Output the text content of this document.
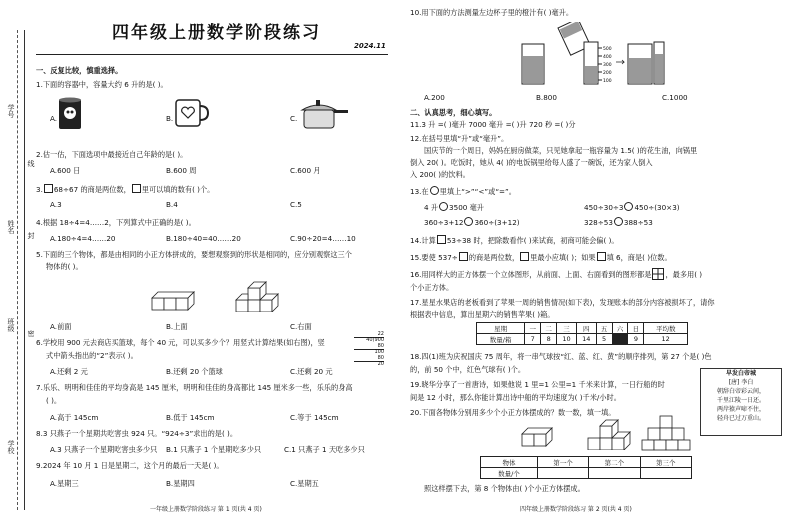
学号
线
姓名
封
班级
密
学校
四年级上册数学阶段练习
2024.11
一、反复比较，慎重选择。
1.下面的容器中，容量大约 6 升的是( )。
A.	B.	C.
2.估一估，下面选项中最接近自己年龄的是( )。
A.600 日	B.600 周	C.600 月
3. 68÷67 的商是两位数， 里可以填的数有( )个。
A.3	B.4	C.5
4.根据 18÷4=4……2，下列算式中正确的是( )。
A.180÷4=4……20	B.180÷40=40……20	C.90÷20=4……10
5.下面的三个物体，都是由相同的小正方体拼成的，要想观察到的形状是相同的，应分别观察这三个
物体的( )。
A.前面	B.上面	C.右面
6.学校用 900 元去商店买篮球，每个 40 元，可以买多少个？用竖式计算结果(如右图)，竖
式中箭头指出的“2”表示( )。
22
40)900
80
100
80
20
A.还剩 2 元	B.还剩 20 个篮球	C.还剩 20 元
7.乐乐、明明和佳佳的平均身高是 145 厘米，明明和佳佳的身高都比 145 厘米多一些，乐乐的身高
( )。
A.高于 145cm	B.低于 145cm	C.等于 145cm
8.3 只燕子一个星期共吃害虫 924 只。“924÷3”求出的是( )。
A.3 只燕子一个星期吃害虫多少只 B.1 只燕子 1 个星期吃多少只	C.1 只燕子 1 天吃多少只
9.2024 年 10 月 1 日是星期二，这个月的最后一天是( )。
A.星期三	B.星期四	C.星期五
一年级上册数学阶段练习 第 1 页(共 4 页)
10.用下面的方法测量左边杯子里的橙汁有( )毫升。
500
400
300
200
100
A.200	B.800	C.1000
二、认真思考，细心填写。
11.3 升 =( )毫升 7000 毫升 =( )升 720 秒 =( )分
12.在括号里填“升”或“毫升”。
国庆节的一个周日，妈妈在厨房做菜，只见她拿起一瓶容量为 1.5( )的花生油，向锅里
倒入 20( )。吃饭时，她从 4( )的电饭锅里给每人盛了一碗饭，还为家人倒入
入 200( )的饮料。
13.在 里填上“>”“<”或“=”。
4 升 3500 毫升	450÷30÷3 450÷(30×3)
360÷3+12 360÷(3+12)	328÷53 388÷53
14.计算 53÷38 时，把除数看作( )来试商，初商可能会偏( )。
15.要使 537÷ 的商是两位数， 里最小应填( )；如果 填 6，商是( )位数。
16.用同样大的正方体摆一个立体图形，从前面、上面、右面看到的图形都是 ，最多用( )
个小正方体。
17.星星水果店的老板看到了苹果一周的销售情况(如下表)，发现账本的部分内容被损坏了，请你
根据表中信息，算出星期六的销售苹果( )箱。
星期	一	二	三	四	五	六	日	平均数
数量/箱	7	8	10	14	5		9	12
18.四(1)班为庆祝国庆 75 周年，将一串气球按“红、蓝、红、黄”的顺序排列，第 27 个是( )色
的，前 50 个中，红色气球有( )个。
19.晓华分享了一首唐诗，如果他说 1 里=1 公里=1 千米来计算，一日行船的时
间是 12 小时，那么你能计算出诗中船的平均速度为( )千米/小时。
早发白帝城
[唐] 李白
朝辞白帝彩云间，
千里江陵一日还。
两岸猿声啼不住，
轻舟已过万重山。
20.下面各物体分别用多少个小正方体摆成的？数一数，填一填。
物体	第一个	第二个	第三个
数量/个			
照这样摆下去，第 8 个物体由( )个小正方体摆成。
四年级上册数学阶段练习 第 2 页(共 4 页)
